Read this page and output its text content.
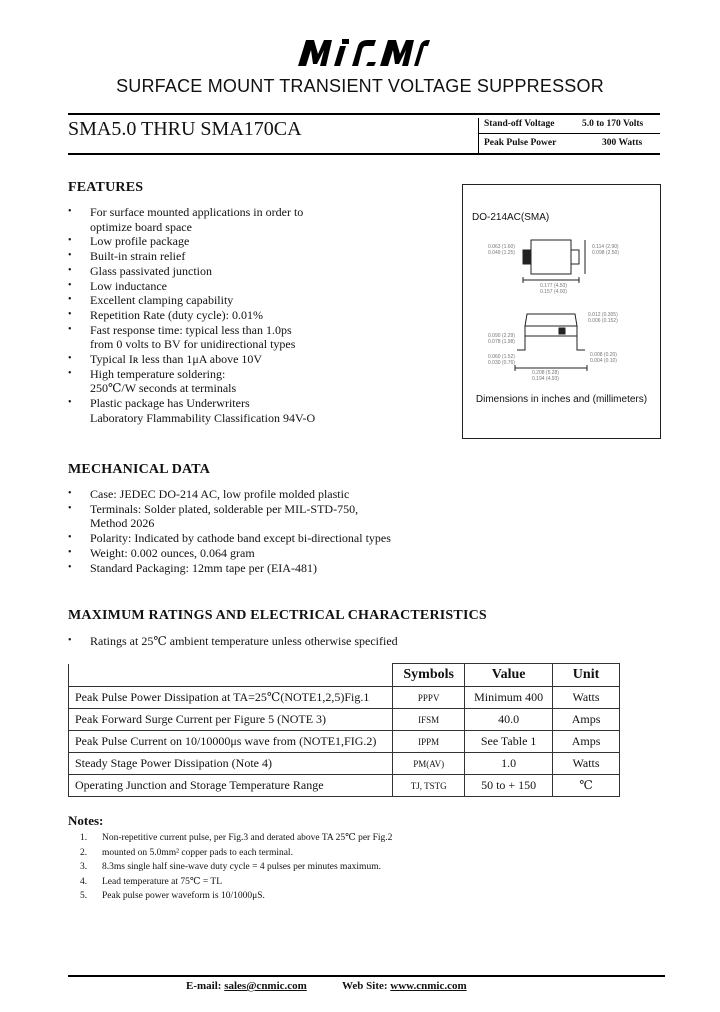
SURFACE MOUNT TRANSIENT VOLTAGE SUPPRESSOR
SMA5.0 THRU SMA170CA	Stand-off Voltage	5.0 to 170 Volts
Peak Pulse Power	300 Watts
FEATURES
•	For surface mounted applications in order to
optimize board space
•	Low profile package
•	Built-in strain relief
•	Glass passivated junction
•	Low inductance
•	Excellent clamping capability
•	Repetition Rate (duty cycle): 0.01%
•	Fast response time: typical less than 1.0ps
from 0 volts to BV for unidirectional types
•	Typical Iʀ less than 1μA above 10V
•	High temperature soldering:
250℃/W seconds at terminals
•	Plastic package has Underwriters
Laboratory Flammability Classification 94V-O
DO-214AC(SMA)
0.063 (1.60)
0.049 (1.25)
0.114 (2.90)
0.098 (2.50)
0.177 (4.50)
0.157 (4.00)
0.012 (0.305)
0.006 (0.152)
0.090 (2.29)
0.078 (1.98)
0.008 (0.20)
0.004 (0.10)
0.060 (1.52)
0.030 (0.76)
0.208 (5.28)
0.194 (4.93)
Dimensions in inches and (millimeters)
MECHANICAL DATA
•	Case: JEDEC DO-214 AC, low profile molded plastic
•	Terminals: Solder plated, solderable per MIL-STD-750,
Method 2026
•	Polarity: Indicated by cathode band except bi-directional types
•	Weight: 0.002 ounces, 0.064 gram
•	Standard Packaging: 12mm tape per (EIA-481)
MAXIMUM RATINGS AND ELECTRICAL CHARACTERISTICS
•	Ratings at 25℃ ambient temperature unless otherwise specified
	Symbols	Value	Unit
Peak Pulse Power Dissipation at TA=25℃(NOTE1,2,5)Fig.1	PPPV	Minimum 400	Watts
Peak Forward Surge Current per Figure 5 (NOTE 3)	IFSM	40.0	Amps
Peak Pulse Current on 10/10000μs wave from (NOTE1,FIG.2)	IPPM	See Table 1	Amps
Steady Stage Power Dissipation (Note 4)	PM(AV)	1.0	Watts
Operating Junction and Storage Temperature Range	TJ, TSTG	50 to + 150	℃
Notes:
1. Non-repetitive current pulse, per Fig.3 and derated above TA 25℃ per Fig.2
2. mounted on 5.0mm² copper pads to each terminal.
3. 8.3ms single half sine-wave duty cycle = 4 pulses per minutes maximum.
4. Lead temperature at 75℃ = TL
5. Peak pulse power waveform is 10/1000μS.
E-mail: sales@cnmic.com	Web Site: www.cnmic.com
